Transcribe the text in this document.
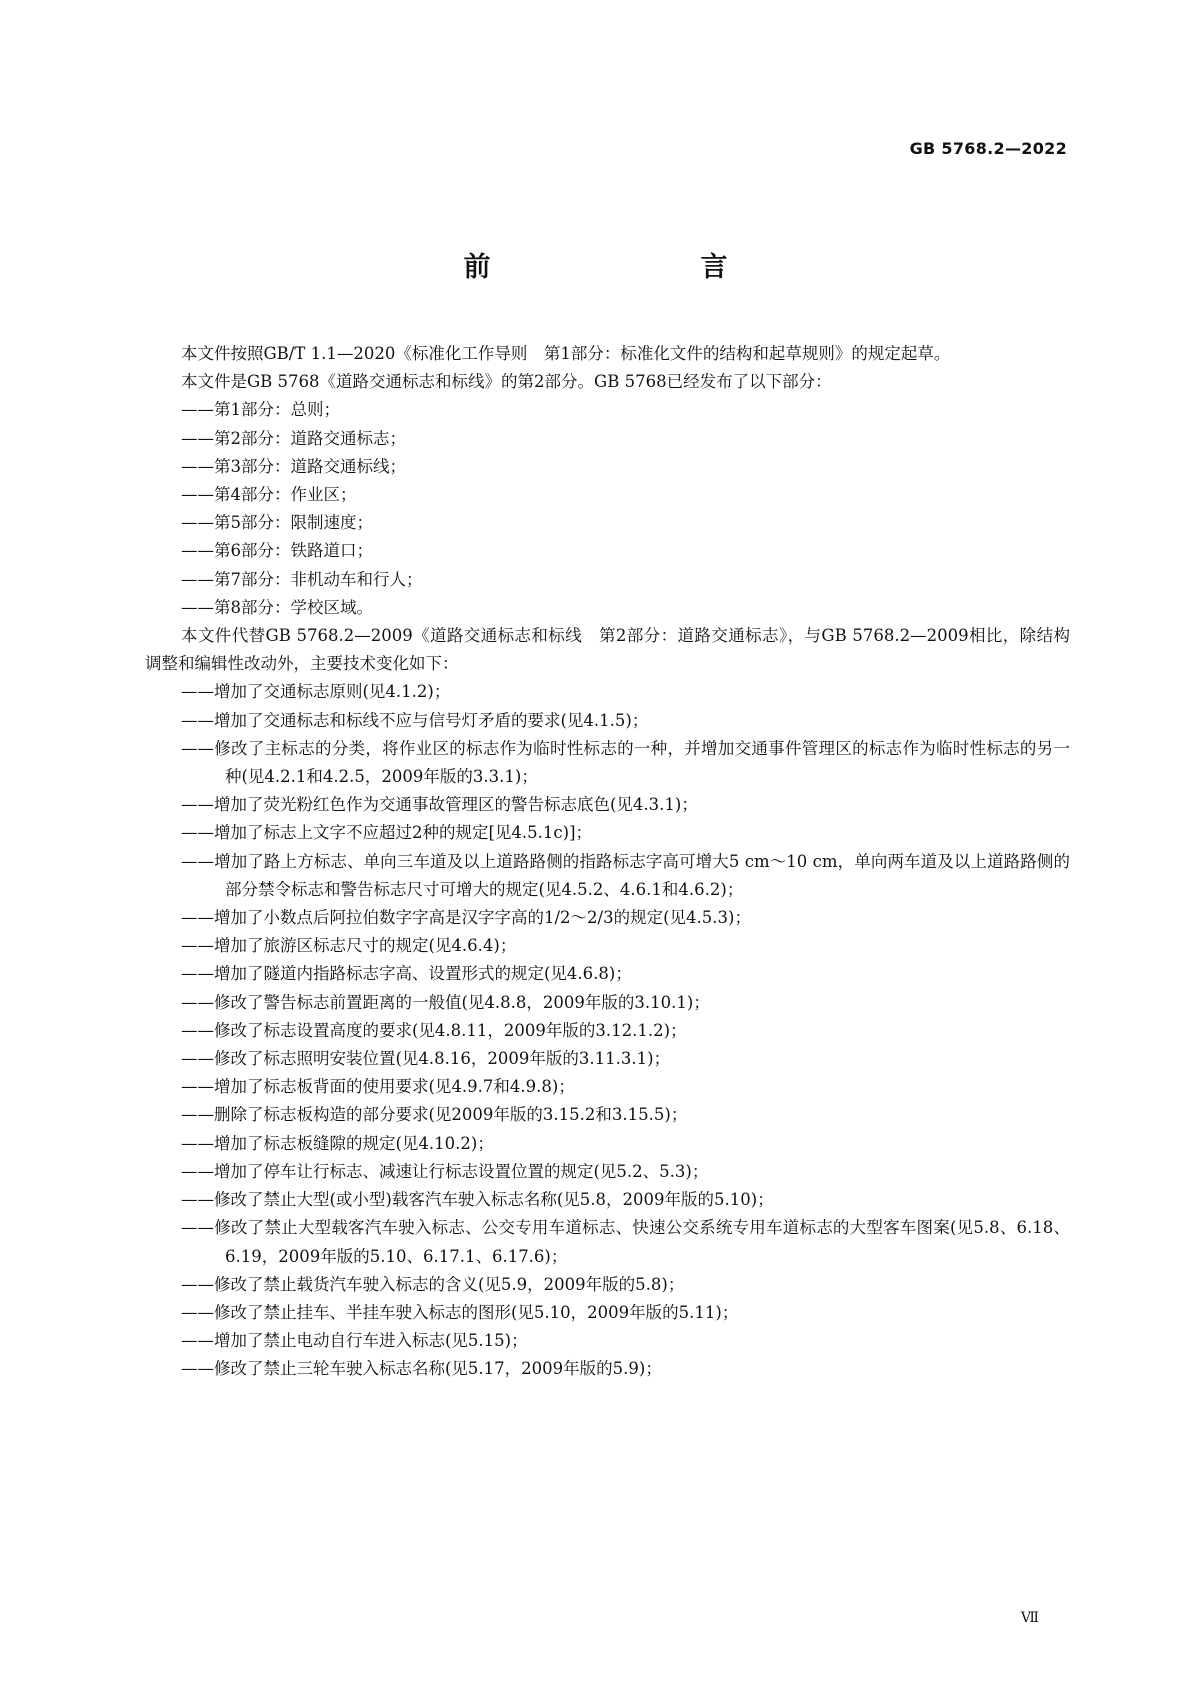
GB 5768.2—2022
前　　言

本文件按照GB/T 1.1—2020《标准化工作导则　第1部分：标准化文件的结构和起草规则》的规定起草。

本文件是GB 5768《道路交通标志和标线》的第2部分。GB 5768已经发布了以下部分：

——第1部分：总则；

——第2部分：道路交通标志；

——第3部分：道路交通标线；

——第4部分：作业区；

——第5部分：限制速度；

——第6部分：铁路道口；

——第7部分：非机动车和行人；

——第8部分：学校区域。

本文件代替GB 5768.2—2009《道路交通标志和标线　第2部分：道路交通标志》，与GB 5768.2—2009相比，除结构调整和编辑性改动外，主要技术变化如下：

——增加了交通标志原则(见4.1.2)；

——增加了交通标志和标线不应与信号灯矛盾的要求(见4.1.5)；

——修改了主标志的分类，将作业区的标志作为临时性标志的一种，并增加交通事件管理区的标志作为临时性标志的另一种(见4.2.1和4.2.5，2009年版的3.3.1)；

——增加了荧光粉红色作为交通事故管理区的警告标志底色(见4.3.1)；

——增加了标志上文字不应超过2种的规定[见4.5.1c)]；

——增加了路上方标志、单向三车道及以上道路路侧的指路标志字高可增大5 cm～10 cm，单向两车道及以上道路路侧的部分禁令标志和警告标志尺寸可增大的规定(见4.5.2、4.6.1和4.6.2)；

——增加了小数点后阿拉伯数字字高是汉字字高的1/2～2/3的规定(见4.5.3)；

——增加了旅游区标志尺寸的规定(见4.6.4)；

——增加了隧道内指路标志字高、设置形式的规定(见4.6.8)；

——修改了警告标志前置距离的一般值(见4.8.8，2009年版的3.10.1)；

——修改了标志设置高度的要求(见4.8.11，2009年版的3.12.1.2)；

——修改了标志照明安装位置(见4.8.16，2009年版的3.11.3.1)；

——增加了标志板背面的使用要求(见4.9.7和4.9.8)；

——删除了标志板构造的部分要求(见2009年版的3.15.2和3.15.5)；

——增加了标志板缝隙的规定(见4.10.2)；

——增加了停车让行标志、减速让行标志设置位置的规定(见5.2、5.3)；

——修改了禁止大型(或小型)载客汽车驶入标志名称(见5.8，2009年版的5.10)；

——修改了禁止大型载客汽车驶入标志、公交专用车道标志、快速公交系统专用车道标志的大型客车图案(见5.8、6.18、6.19，2009年版的5.10、6.17.1、6.17.6)；

——修改了禁止载货汽车驶入标志的含义(见5.9，2009年版的5.8)；

——修改了禁止挂车、半挂车驶入标志的图形(见5.10，2009年版的5.11)；

——增加了禁止电动自行车进入标志(见5.15)；

——修改了禁止三轮车驶入标志名称(见5.17，2009年版的5.9)；

Ⅶ
